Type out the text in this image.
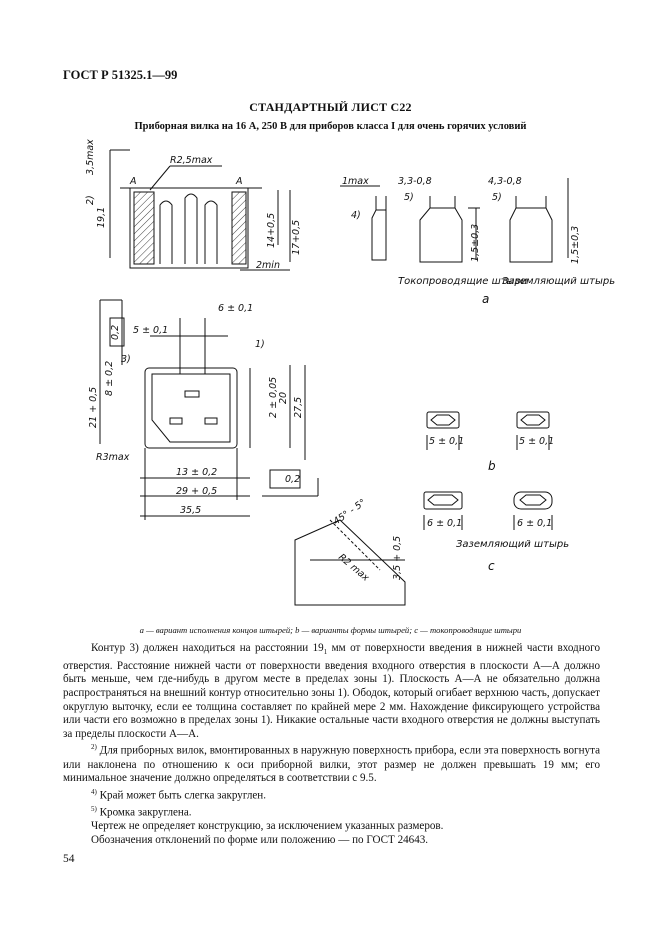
ГОСТ Р 51325.1—99
СТАНДАРТНЫЙ ЛИСТ С22
Приборная вилка на 16 А, 250 В для приборов класса I для очень горячих условий
3,5max	R2,5max
2)
19,1	14+0,5 17+0,5
2min
A	A	1max	3,3-0,8
4)
5)
1,5±0,3
4,3-0,8
5)
1,5±0,3
Токопроводящие штыри
Заземляющий штырь
a
6 ± 0,1
5 ± 0,1
0,2
1)
3)
8 ± 0,2
21 + 0,5	2 ± 0,05 20 27,5
R3max
13 ± 0,2
29 + 0,5
0,2
35,5
5 ± 0,1	5 ± 0,1
b
6 ± 0,1	6 ± 0,1
Заземляющий штырь
c
45° - 5°
R2 max 3,5 + 0,5
а — вариант исполнения концов штырей; b — варианты формы штырей; с — токопроводящие штыри

Контур 3) должен находиться на расстоянии $19_1$ мм от поверхности введения в нижней части входного отверстия. Расстояние нижней части от поверхности введения входного отверстия в плоскости А—А должно быть меньше, чем где-нибудь в другом месте в пределах зоны 1). Плоскость А—А не обязательно должна распространяться на внешний контур относительно зоны 1). Ободок, который огибает верхнюю часть, допускает округлую выточку, если ее толщина составляет по крайней мере 2 мм. Нахождение фиксирующего устройства или части его возможно в пределах зоны 1). Никакие остальные части входного отверстия не должны выступать за пределы плоскости А—А.

$^{2)}$ Для приборных вилок, вмонтированных в наружную поверхность прибора, если эта поверхность вогнута или наклонена по отношению к оси приборной вилки, этот размер не должен превышать 19 мм; его минимальное значение должно определяться в соответствии с 9.5.

$^{4)}$ Край может быть слегка закруглен.

$^{5)}$ Кромка закруглена.

Чертеж не определяет конструкцию, за исключением указанных размеров.

Обозначения отклонений по форме или положению — по ГОСТ 24643.

54
